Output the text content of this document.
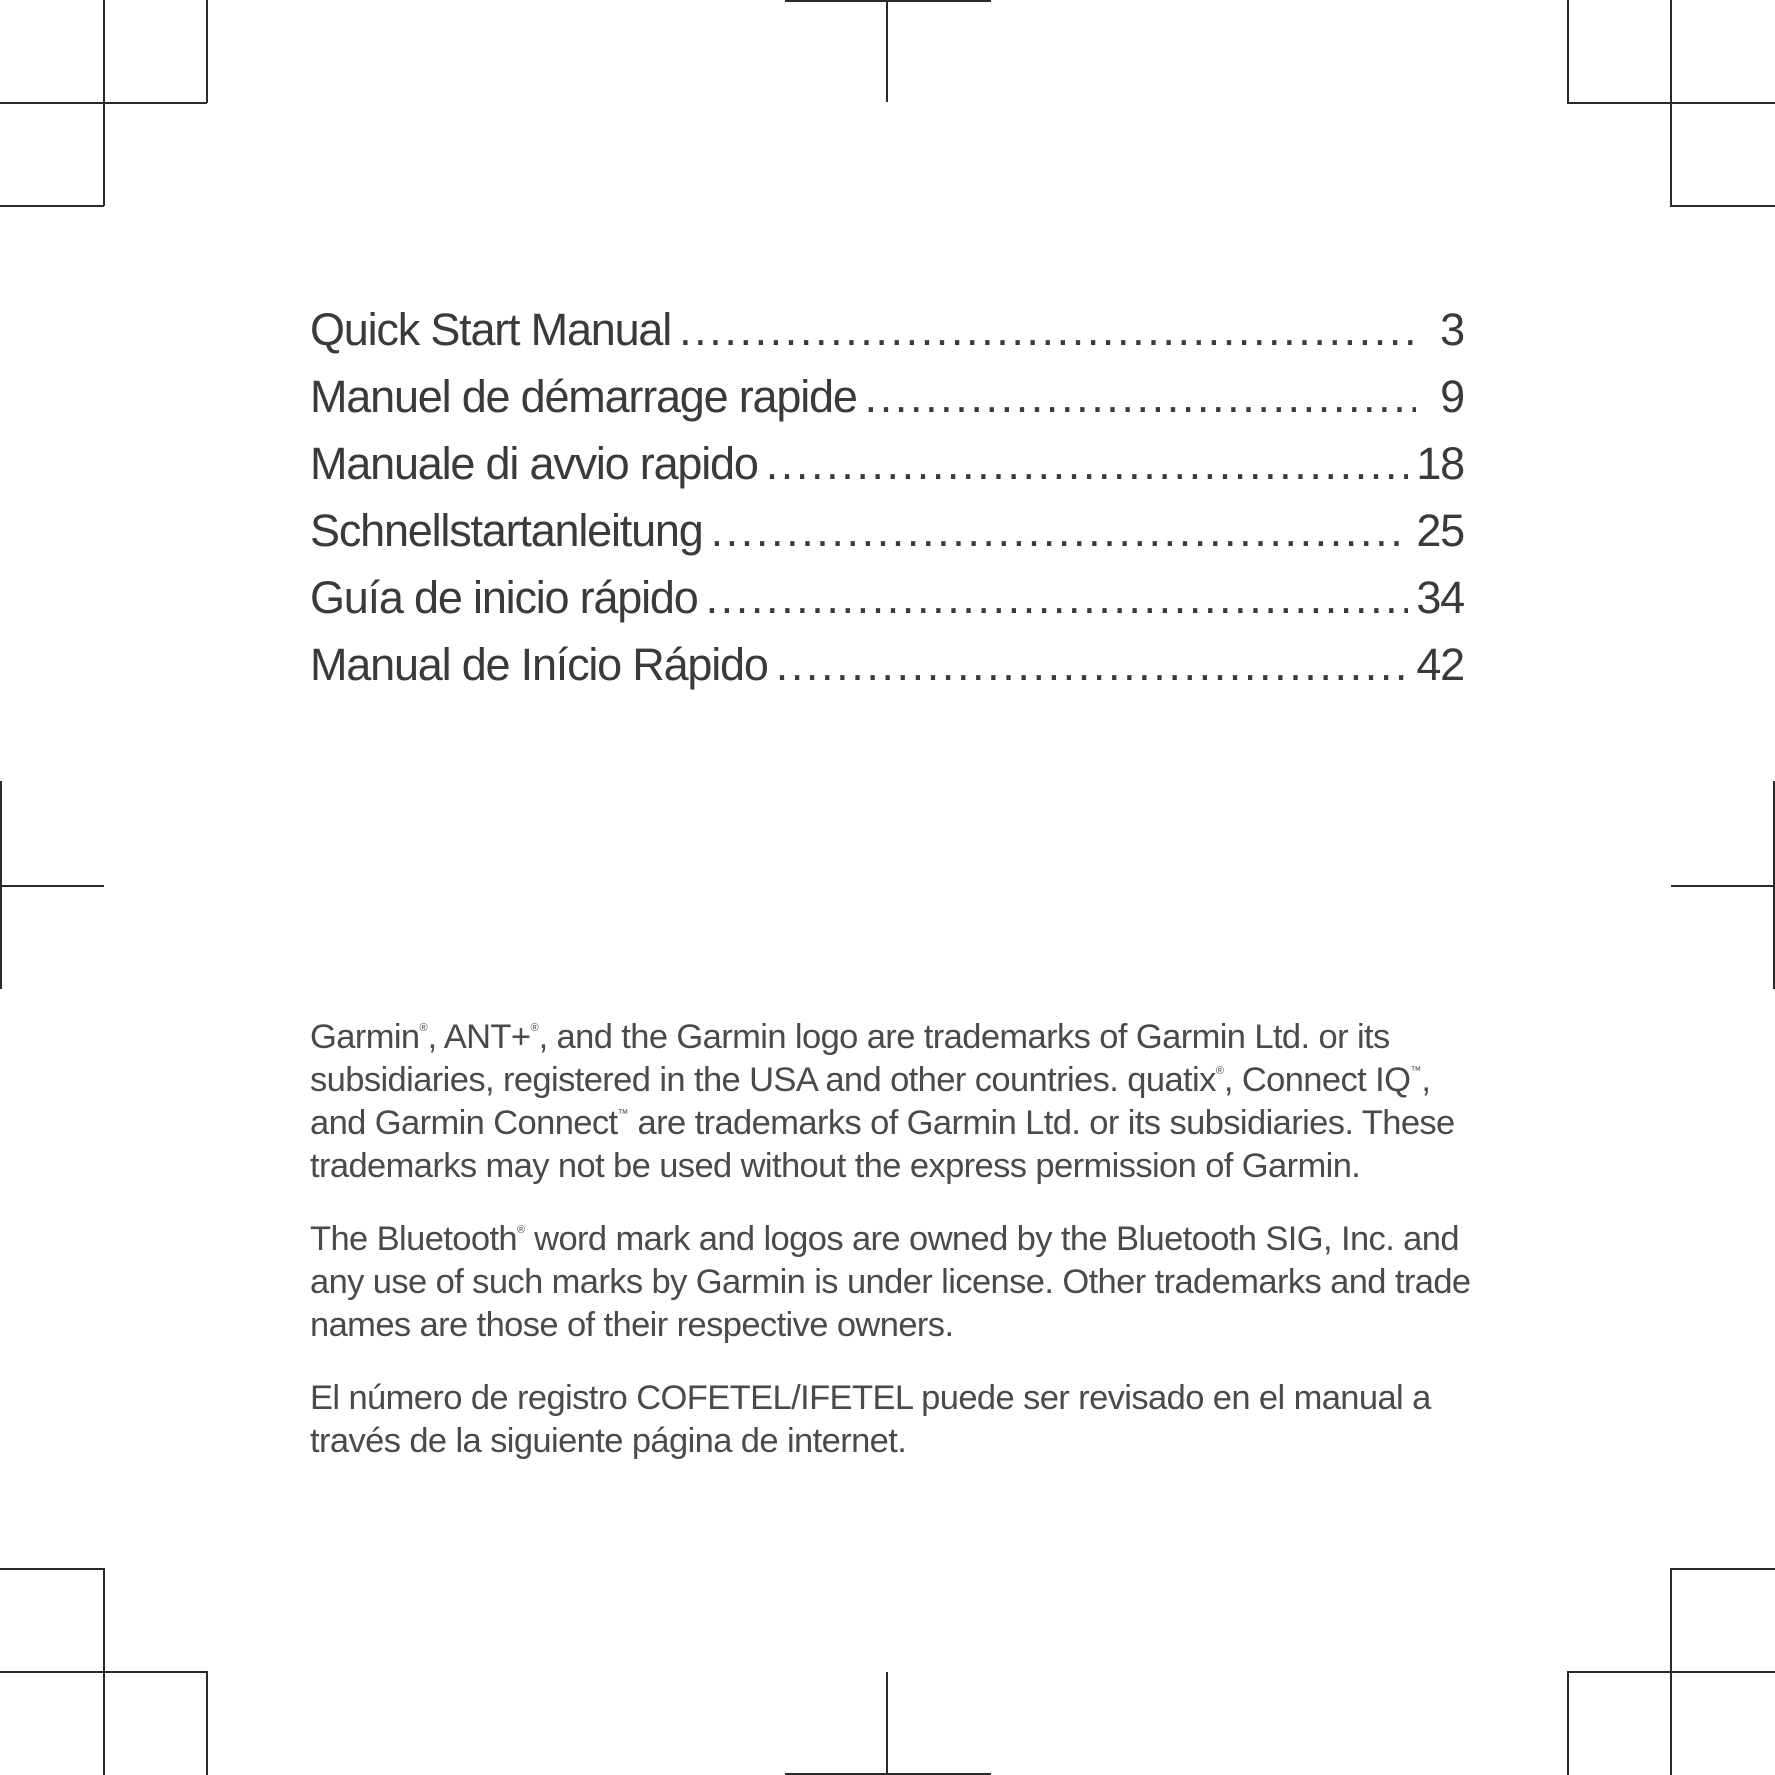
Quick Start Manual .....	3
Manuel de démarrage rapide .....	9
Manuale di avvio rapido .....	18
Schnellstartanleitung .....	25
Guía de inicio rápido .....	34
Manual de Início Rápido .....	42

Garmin®, ANT+®, and the Garmin logo are trademarks of Garmin Ltd. or its subsidiaries, registered in the USA and other countries. quatix®, Connect IQ™, and Garmin Connect™ are trademarks of Garmin Ltd. or its subsidiaries. These trademarks may not be used without the express permission of Garmin.

The Bluetooth® word mark and logos are owned by the Bluetooth SIG, Inc. and any use of such marks by Garmin is under license. Other trademarks and trade names are those of their respective owners.

El número de registro COFETEL/IFETEL puede ser revisado en el manual a través de la siguiente página de internet.
